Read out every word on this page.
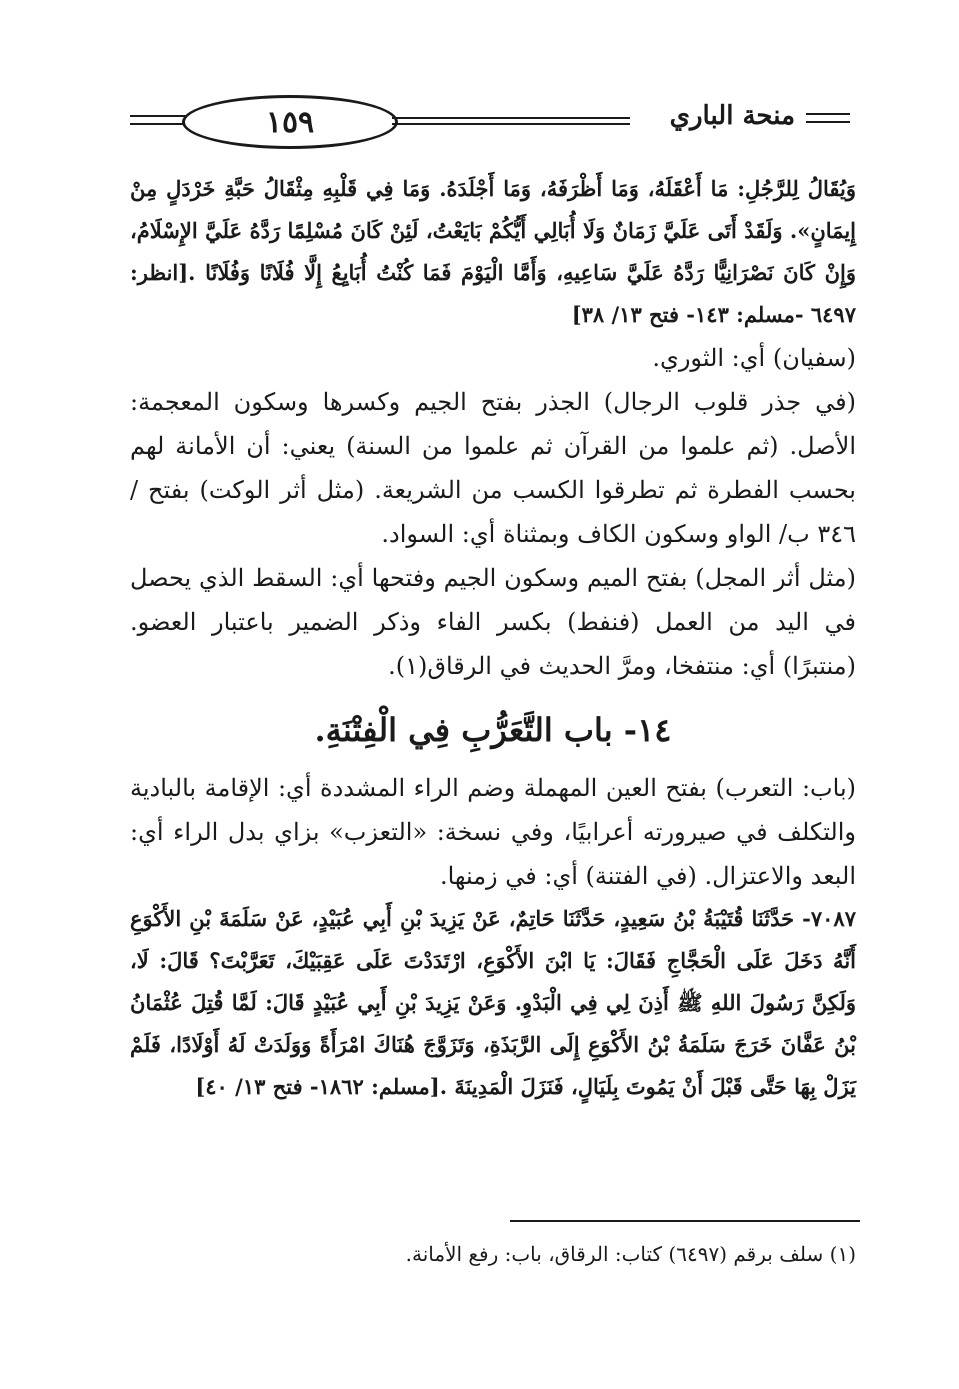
١٥٩	منحة الباري

وَيُقَالُ لِلرَّجُلِ: مَا أَعْقَلَهُ، وَمَا أَظْرَفَهُ، وَمَا أَجْلَدَهُ. وَمَا فِي قَلْبِهِ مِثْقَالُ حَبَّةِ خَرْدَلٍ مِنْ إِيمَانٍ». وَلَقَدْ أَتَى عَلَيَّ زَمَانٌ وَلَا أُبَالِي أَيُّكُمْ بَايَعْتُ، لَئِنْ كَانَ مُسْلِمًا رَدَّهُ عَلَيَّ الإِسْلَامُ، وَإِنْ كَانَ نَصْرَانِيًّا رَدَّهُ عَلَيَّ سَاعِيهِ، وَأَمَّا الْيَوْمَ فَمَا كُنْتُ أُبَايِعُ إِلَّا فُلَانًا وَفُلَانًا .[انظر: ٦٤٩٧ -مسلم: ١٤٣- فتح ١٣/ ٣٨]

(سفيان) أي: الثوري.

(في جذر قلوب الرجال) الجذر بفتح الجيم وكسرها وسكون المعجمة: الأصل. (ثم علموا من القرآن ثم علموا من السنة) يعني: أن الأمانة لهم بحسب الفطرة ثم تطرقوا الكسب من الشريعة. (مثل أثر الوكت) بفتح /٣٤٦ ب/ الواو وسكون الكاف وبمثناة أي: السواد.

(مثل أثر المجل) بفتح الميم وسكون الجيم وفتحها أي: السقط الذي يحصل في اليد من العمل (فنفط) بكسر الفاء وذكر الضمير باعتبار العضو. (منتبرًا) أي: منتفخا، ومرَّ الحديث في الرقاق(١).

١٤- باب التَّعَرُّبِ فِي الْفِتْنَةِ.

(باب: التعرب) بفتح العين المهملة وضم الراء المشددة أي: الإقامة بالبادية والتكلف في صيرورته أعرابيًا، وفي نسخة: «التعزب» بزاي بدل الراء أي: البعد والاعتزال. (في الفتنة) أي: في زمنها.

٧٠٨٧- حَدَّثَنَا قُتَيْبَةُ بْنُ سَعِيدٍ، حَدَّثَنَا حَاتِمٌ، عَنْ يَزِيدَ بْنِ أَبِي عُبَيْدٍ، عَنْ سَلَمَةَ بْنِ الأَكْوَعِ أَنَّهُ دَخَلَ عَلَى الْحَجَّاجِ فَقَالَ: يَا ابْنَ الأَكْوَعِ، ارْتَدَدْتَ عَلَى عَقِبَيْكَ، تَعَرَّبْتَ؟ قَالَ: لَا، وَلَكِنَّ رَسُولَ اللهِ ﷺ أَذِنَ لِي فِي الْبَدْوِ. وَعَنْ يَزِيدَ بْنِ أَبِي عُبَيْدٍ قَالَ: لَمَّا قُتِلَ عُثْمَانُ بْنُ عَفَّانَ خَرَجَ سَلَمَةُ بْنُ الأَكْوَعِ إِلَى الرَّبَذَةِ، وَتَزَوَّجَ هُنَاكَ امْرَأَةً وَوَلَدَتْ لَهُ أَوْلَادًا، فَلَمْ يَزَلْ بِهَا حَتَّى قَبْلَ أَنْ يَمُوتَ بِلَيَالٍ، فَنَزَلَ الْمَدِينَةَ .[مسلم: ١٨٦٢- فتح ١٣/ ٤٠]

(١) سلف برقم (٦٤٩٧) كتاب: الرقاق، باب: رفع الأمانة.
